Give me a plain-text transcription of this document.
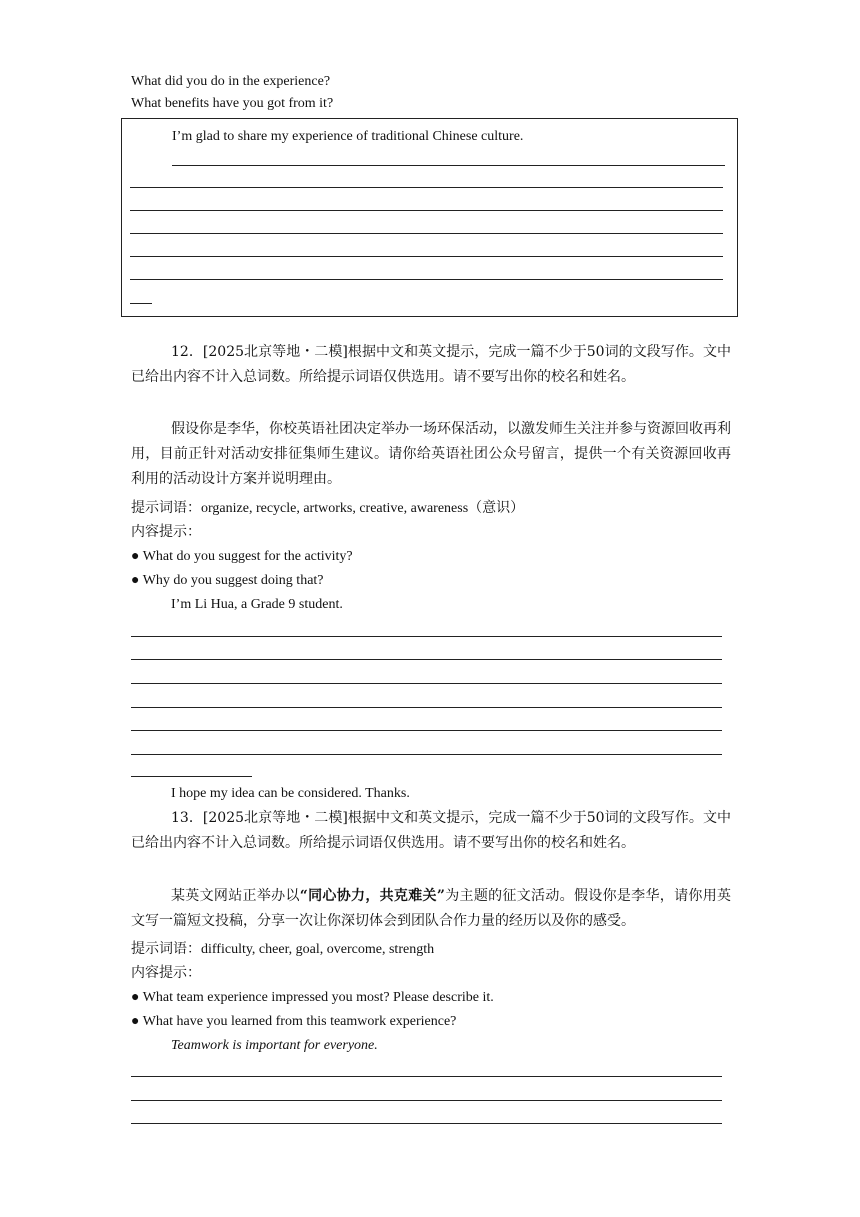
What did you do in the experience?
What benefits have you got from it?
I’m glad to share my experience of traditional Chinese culture.
12．[2025北京等地・二模]根据中文和英文提示，完成一篇不少于50词的文段写作。文中已给出内容不计入总词数。所给提示词语仅供选用。请不要写出你的校名和姓名。
假设你是李华，你校英语社团决定举办一场环保活动，以激发师生关注并参与资源回收再利用，目前正针对活动安排征集师生建议。请你给英语社团公众号留言，提供一个有关资源回收再利用的活动设计方案并说明理由。
提示词语：organize, recycle, artworks, creative, awareness（意识）
内容提示：
● What do you suggest for the activity?
● Why do you suggest doing that?
I’m Li Hua, a Grade 9 student.
I hope my idea can be considered. Thanks.
13．[2025北京等地・二模]根据中文和英文提示，完成一篇不少于50词的文段写作。文中已给出内容不计入总词数。所给提示词语仅供选用。请不要写出你的校名和姓名。
某英文网站正举办以“同心协力，共克难关”为主题的征文活动。假设你是李华，请你用英文写一篇短文投稿，分享一次让你深切体会到团队合作力量的经历以及你的感受。
提示词语：difficulty, cheer, goal, overcome, strength
内容提示：
● What team experience impressed you most? Please describe it.
● What have you learned from this teamwork experience?
Teamwork is important for everyone.
